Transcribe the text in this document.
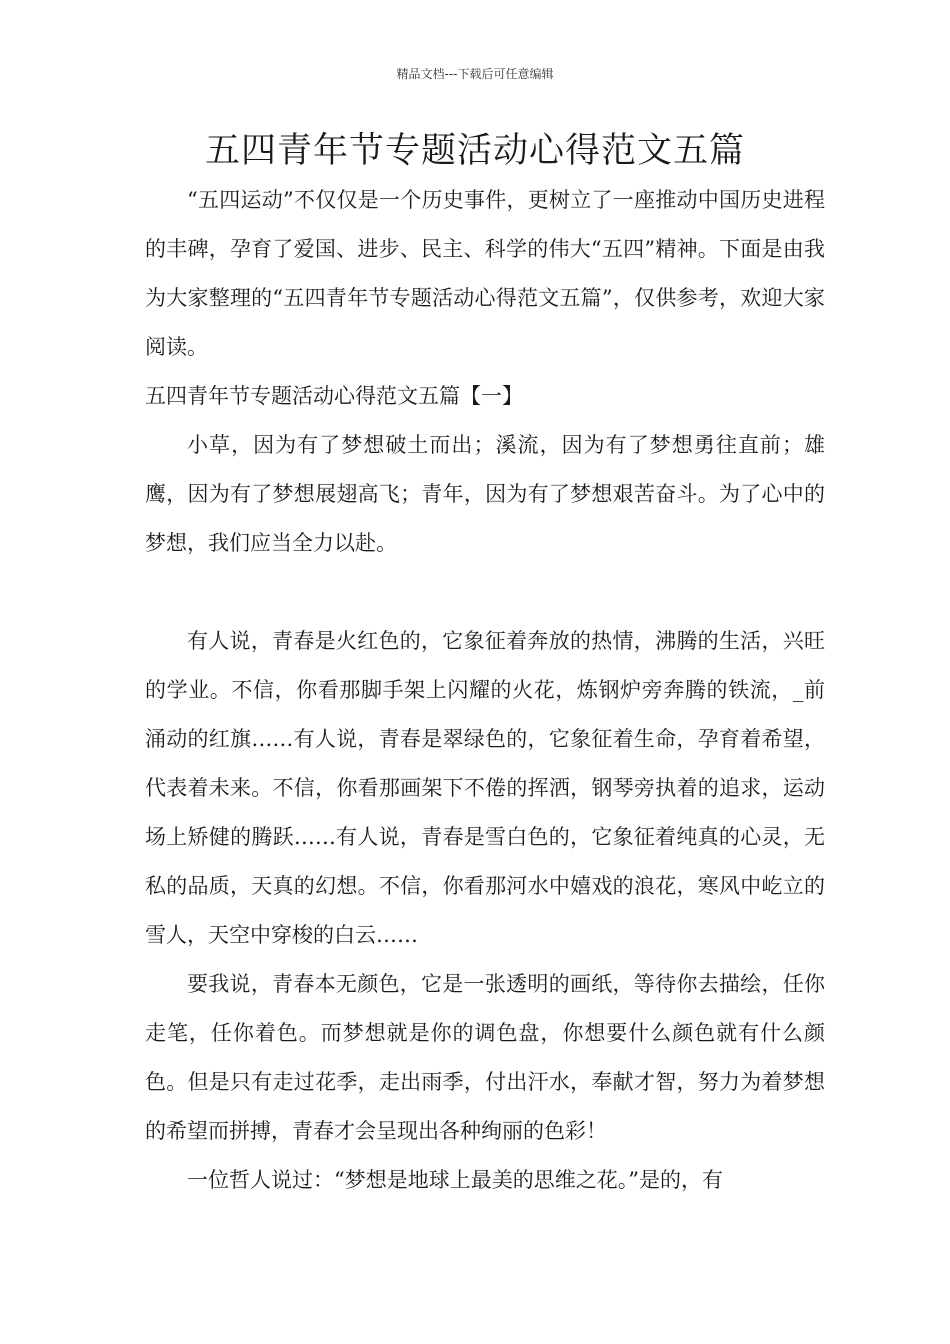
精品文档---下载后可任意编辑
五四青年节专题活动心得范文五篇

“五四运动”不仅仅是一个历史事件，更树立了一座推动中国历史进程的丰碑，孕育了爱国、进步、民主、科学的伟大“五四”精神。下面是由我为大家整理的“五四青年节专题活动心得范文五篇”，仅供参考，欢迎大家阅读。

五四青年节专题活动心得范文五篇【一】

小草，因为有了梦想破土而出；溪流，因为有了梦想勇往直前；雄鹰，因为有了梦想展翅高飞；青年，因为有了梦想艰苦奋斗。为了心中的梦想，我们应当全力以赴。

有人说，青春是火红色的，它象征着奔放的热情，沸腾的生活，兴旺的学业。不信，你看那脚手架上闪耀的火花，炼钢炉旁奔腾的铁流，_前涌动的红旗……有人说，青春是翠绿色的，它象征着生命，孕育着希望，代表着未来。不信，你看那画架下不倦的挥洒，钢琴旁执着的追求，运动场上矫健的腾跃……有人说，青春是雪白色的，它象征着纯真的心灵，无私的品质，天真的幻想。不信，你看那河水中嬉戏的浪花，寒风中屹立的雪人，天空中穿梭的白云……

要我说，青春本无颜色，它是一张透明的画纸，等待你去描绘，任你走笔，任你着色。而梦想就是你的调色盘，你想要什么颜色就有什么颜色。但是只有走过花季，走出雨季，付出汗水，奉献才智，努力为着梦想的希望而拼搏，青春才会呈现出各种绚丽的色彩！

一位哲人说过：“梦想是地球上最美的思维之花。”是的，有
